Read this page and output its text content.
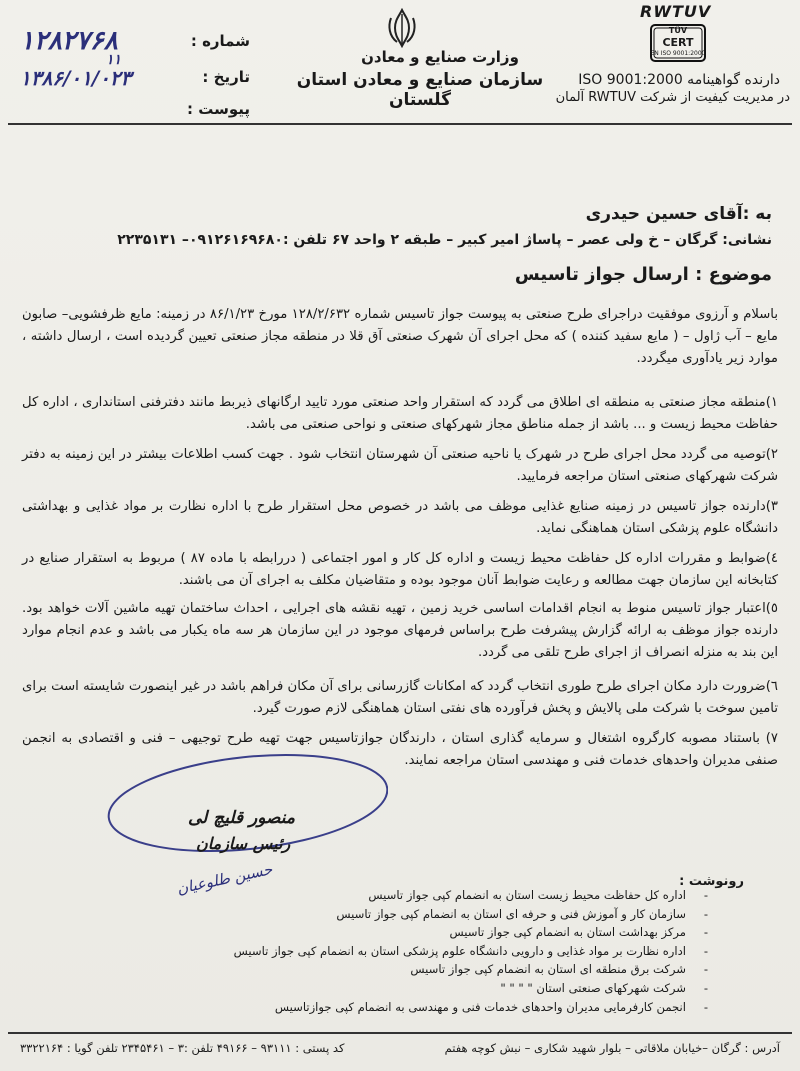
شماره :
۱۲۸۲۷۶۸
۱۱
تاریخ :
۱۳۸۶/۰۱/۰۲۳
پیوست :
وزارت صنایع و معادن
سازمان صنایع و معادن استان گلستان
RWTUV
TÜV
CERT
EN ISO 9001:2000
دارنده گواهینامه ISO 9001:2000
در مدیریت کیفیت از شرکت RWTUV آلمان
به :آقای حسین حیدری
نشانی: گرگان – خ ولی عصر – پاساژ امیر کبیر – طبقه ۲ واحد ۶۷ تلفن :۰۹۱۲۶۱۶۹۶۸۰– ۲۲۳۵۱۳۱
موضوع : ارسال جواز تاسیس

باسلام و آرزوی موفقیت دراجرای طرح صنعتی به پیوست جواز تاسیس شماره ۱۲۸/۲/۶۳۲ مورخ ۸۶/۱/۲۳ در زمینه: مایع ظرفشویی– صابون مایع – آب ژاول – ( مایع سفید کننده ) که محل اجرای آن شهرک صنعتی آق قلا در منطقه مجاز صنعتی تعیین گردیده است ، ارسال داشته ، موارد زیر یادآوری میگردد.

۱)منطقه مجاز صنعتی به منطقه ای اطلاق می گردد که استقرار واحد صنعتی مورد تایید ارگانهای ذیربط مانند دفترفنی استانداری ، اداره کل حفاظت محیط زیست و ... باشد از جمله مناطق مجاز شهرکهای صنعتی و نواحی صنعتی می باشد.

۲)توصیه می گردد محل اجرای طرح در شهرک یا ناحیه صنعتی آن شهرستان انتخاب شود . جهت کسب اطلاعات بیشتر در این زمینه به دفتر شرکت شهرکهای صنعتی استان مراجعه فرمایید.

۳)دارنده جواز تاسیس در زمینه صنایع غذایی موظف می باشد در خصوص محل استقرار طرح با اداره نظارت بر مواد غذایی و بهداشتی دانشگاه علوم پزشکی استان هماهنگی نماید.

٤)ضوابط و مقررات اداره کل حفاظت محیط زیست و اداره کل کار و امور اجتماعی ( دررابطه با ماده ۸۷ ) مربوط به استقرار صنایع در کتابخانه این سازمان جهت مطالعه و رعایت ضوابط آنان موجود بوده و متقاضیان مکلف به اجرای آن می باشند.

٥)اعتبار جواز تاسیس منوط به انجام اقدامات اساسی خرید زمین ، تهیه نقشه های اجرایی ، احداث ساختمان تهیه ماشین آلات خواهد بود. دارنده جواز موظف به ارائه گزارش پیشرفت طرح براساس فرمهای موجود در این سازمان هر سه ماه یکبار می باشد و عدم انجام موارد این بند به منزله انصراف از اجرای طرح تلقی می گردد.

٦)ضرورت دارد مکان اجرای طرح طوری انتخاب گردد که امکانات گازرسانی برای آن مکان فراهم باشد در غیر اینصورت شایسته است برای تامین سوخت با شرکت ملی پالایش و پخش فرآورده های نفتی استان هماهنگی لازم صورت گیرد.

۷) باستناد مصوبه کارگروه اشتغال و سرمایه گذاری استان ، دارندگان جوازتاسیس جهت تهیه طرح توجیهی – فنی و اقتصادی به انجمن صنفی مدیران واحدهای خدمات فنی و مهندسی استان مراجعه نمایند.

منصور قلیچ لی
رئیس سازمان
حسین طلوعیان	رونوشت :
- اداره کل حفاظت محیط زیست استان به انضمام کپی جواز تاسیس
- سازمان کار و آموزش فنی و حرفه ای استان به انضمام کپی جواز تاسیس
- مرکز بهداشت استان به انضمام کپی جواز تاسیس
- اداره نظارت بر مواد غذایی و دارویی دانشگاه علوم پزشکی استان به انضمام کپی جواز تاسیس
- شرکت برق منطقه ای استان به انضمام کپی جواز تاسیس
- شرکت شهرکهای صنعتی استان " " " "
- انجمن کارفرمایی مدیران واحدهای خدمات فنی و مهندسی به انضمام کپی جوازتاسیس
آدرس : گرگان –خیابان ملاقاتی – بلوار شهید شکاری – نبش کوچه هفتم
کد پستی : ۹۳۱۱۱ – ۴۹۱۶۶ تلفن :۳ – ۲۳۴۵۴۶۱ تلفن گویا : ۳۳۲۲۱۶۴
